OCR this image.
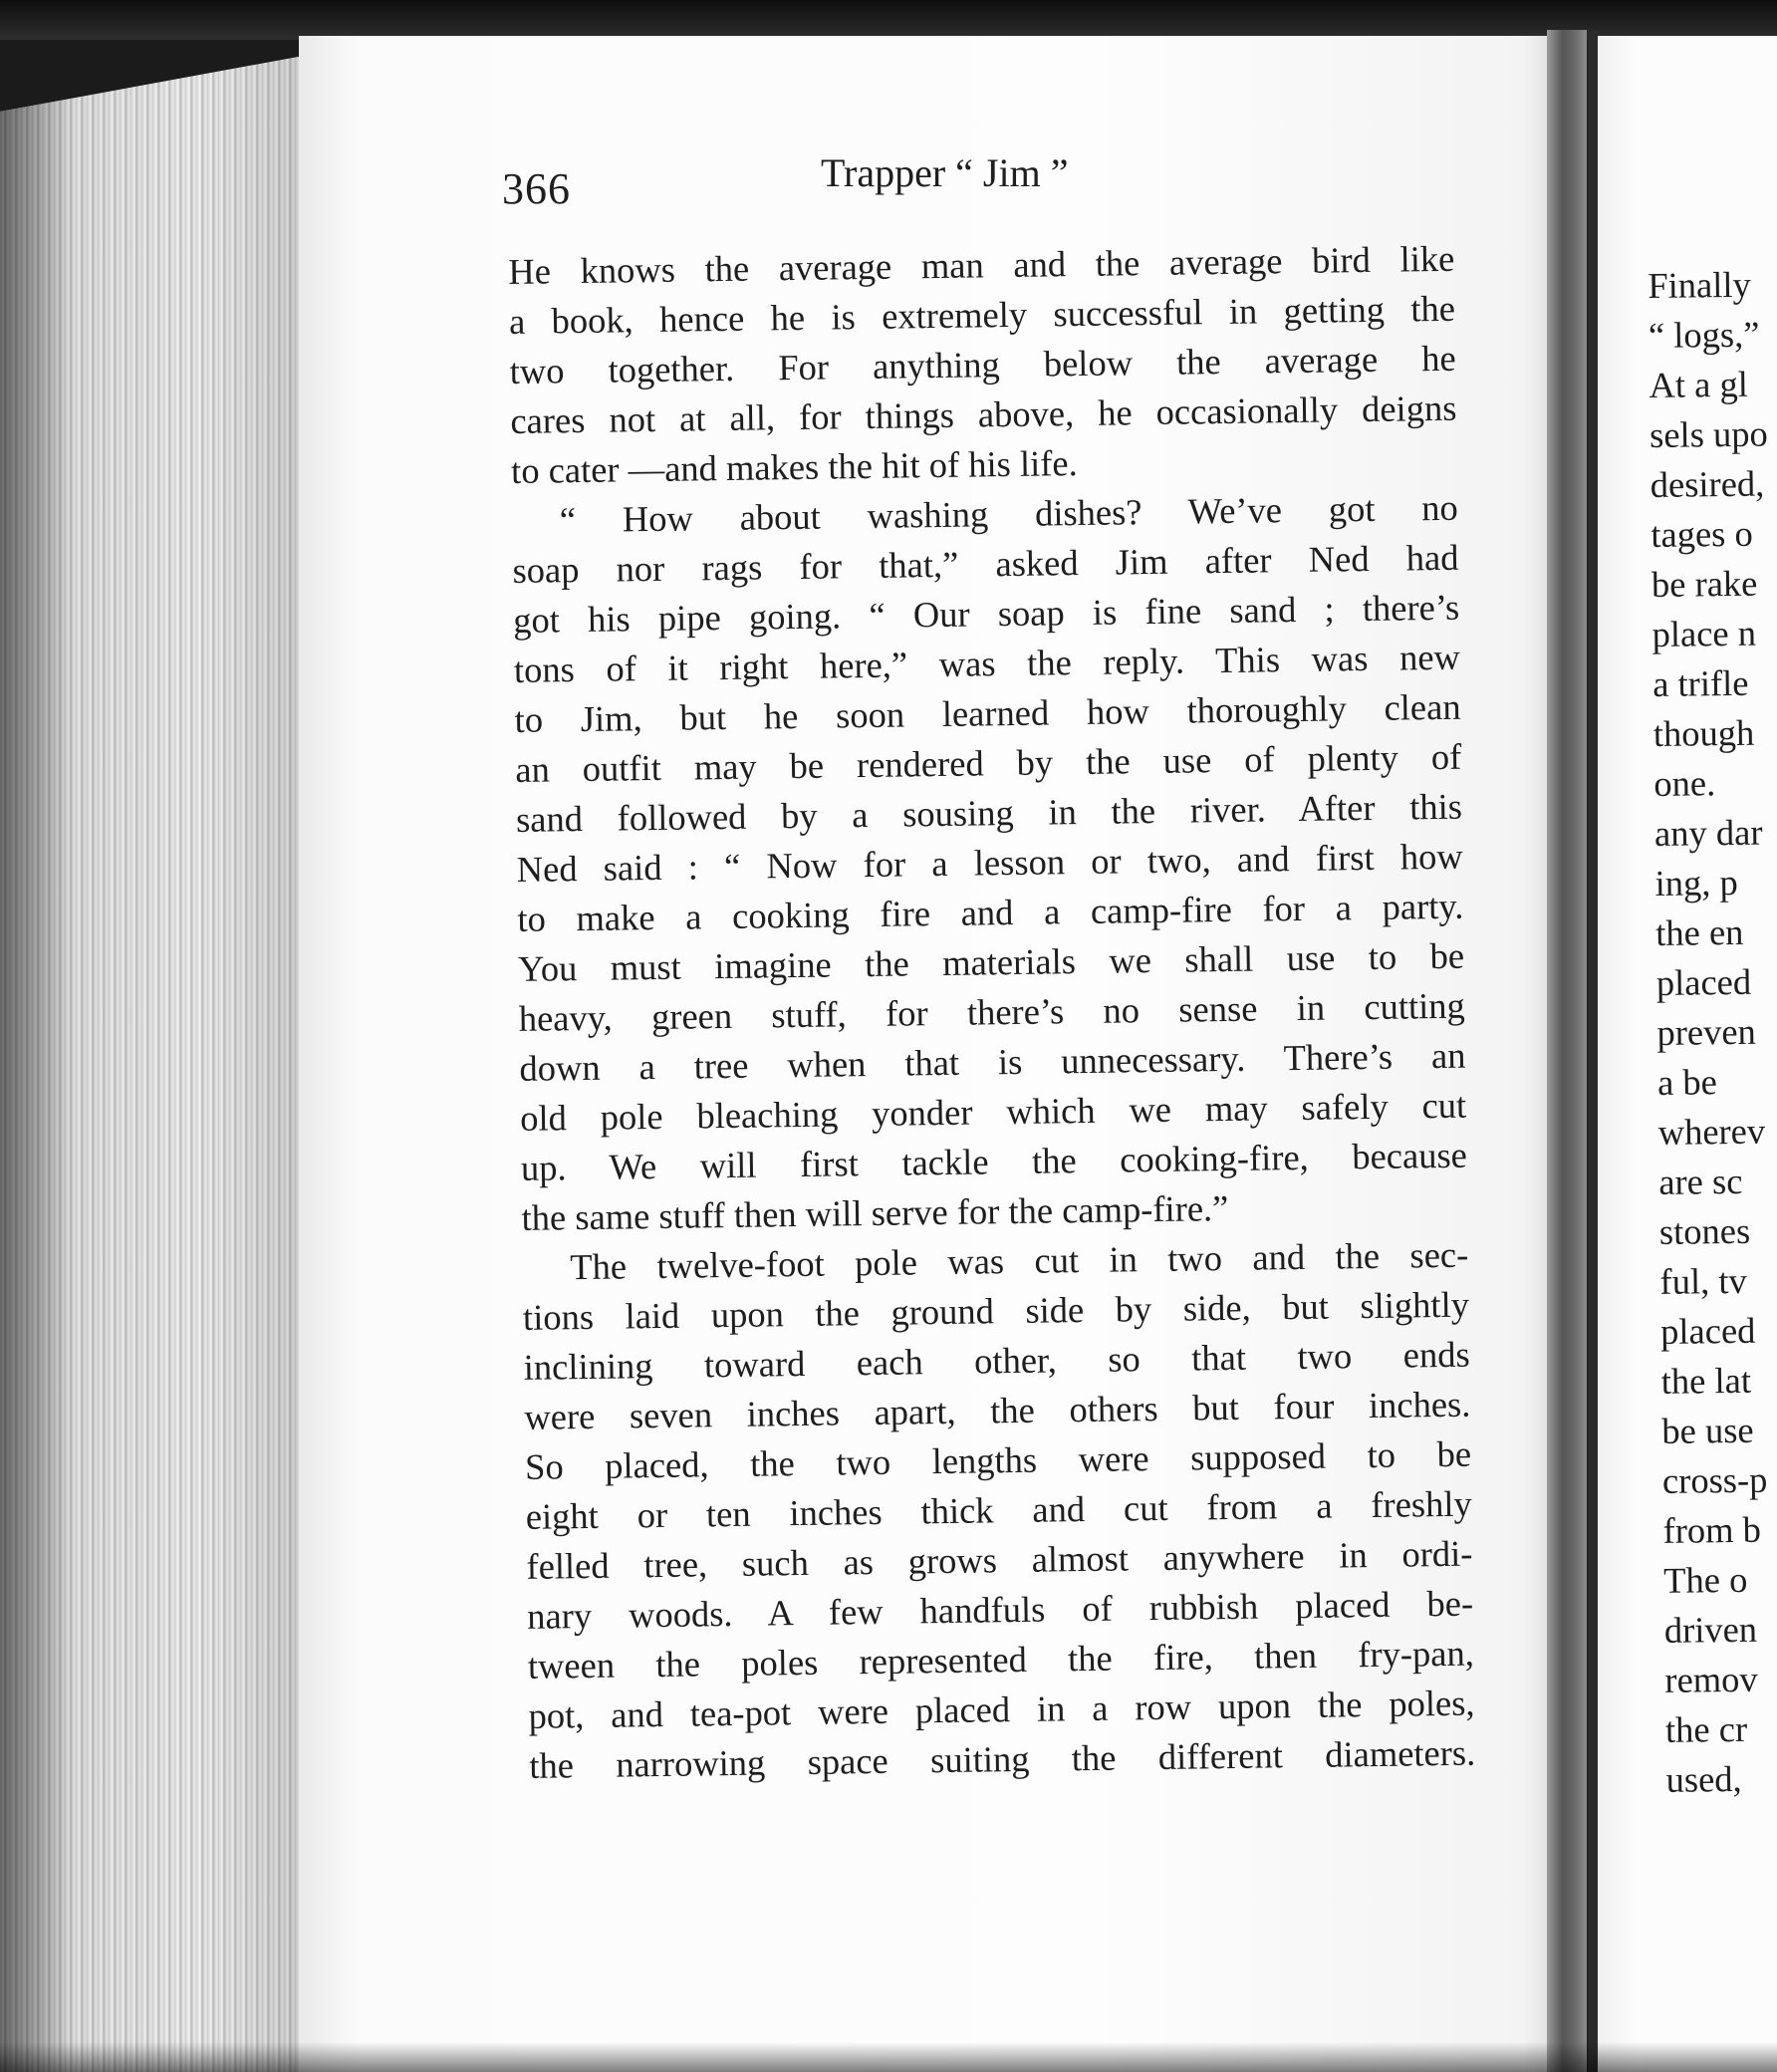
Finally
“ logs,”
At a gl
sels upo
desired,
tages o
be rake
place n
a trifle
though
one.
any dar
ing, p
the en
placed
preven
a be
wherev
are sc
stones
ful, tv
placed
the lat
be use
cross-p
from b
The o
driven
remov
the cr
used,
366	Trapper “ Jim ”
He knows the average man and the average bird like
a book, hence he is extremely successful in getting the
two together. For anything below the average he
cares not at all, for things above, he occasionally deigns
to cater —and makes the hit of his life.
“ How about washing dishes? We’ve got no
soap nor rags for that,” asked Jim after Ned had
got his pipe going. “ Our soap is fine sand ; there’s
tons of it right here,” was the reply. This was new
to Jim, but he soon learned how thoroughly clean
an outfit may be rendered by the use of plenty of
sand followed by a sousing in the river. After this
Ned said : “ Now for a lesson or two, and first how
to make a cooking fire and a camp-fire for a party.
You must imagine the materials we shall use to be
heavy, green stuff, for there’s no sense in cutting
down a tree when that is unnecessary. There’s an
old pole bleaching yonder which we may safely cut
up. We will first tackle the cooking-fire, because
the same stuff then will serve for the camp-fire.”
The twelve-foot pole was cut in two and the sec-
tions laid upon the ground side by side, but slightly
inclining toward each other, so that two ends
were seven inches apart, the others but four inches.
So placed, the two lengths were supposed to be
eight or ten inches thick and cut from a freshly
felled tree, such as grows almost anywhere in ordi-
nary woods. A few handfuls of rubbish placed be-
tween the poles represented the fire, then fry-pan,
pot, and tea-pot were placed in a row upon the poles,
the narrowing space suiting the different diameters.
